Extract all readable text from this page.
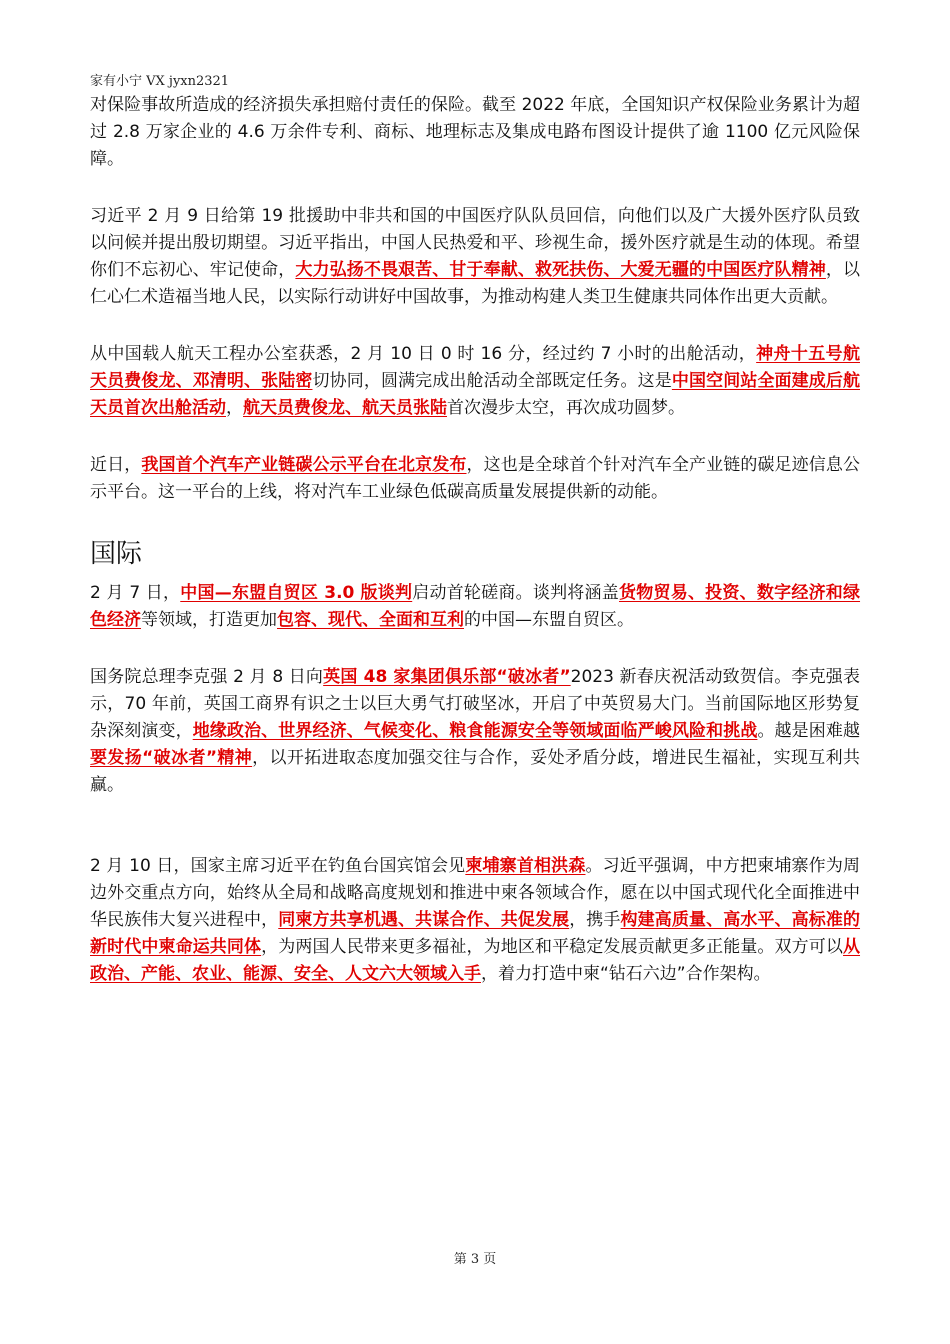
家有小宁 VX jyxn2321

对保险事故所造成的经济损失承担赔付责任的保险。截至 2022 年底，全国知识产权保险业务累计为超过 2.8 万家企业的 4.6 万余件专利、商标、地理标志及集成电路布图设计提供了逾 1100 亿元风险保障。

习近平 2 月 9 日给第 19 批援助中非共和国的中国医疗队队员回信，向他们以及广大援外医疗队员致以问候并提出殷切期望。习近平指出，中国人民热爱和平、珍视生命，援外医疗就是生动的体现。希望你们不忘初心、牢记使命，大力弘扬不畏艰苦、甘于奉献、救死扶伤、大爱无疆的中国医疗队精神，以仁心仁术造福当地人民，以实际行动讲好中国故事，为推动构建人类卫生健康共同体作出更大贡献。

从中国载人航天工程办公室获悉，2 月 10 日 0 时 16 分，经过约 7 小时的出舱活动，神舟十五号航天员费俊龙、邓清明、张陆密切协同，圆满完成出舱活动全部既定任务。这是中国空间站全面建成后航天员首次出舱活动，航天员费俊龙、航天员张陆首次漫步太空，再次成功圆梦。

近日，我国首个汽车产业链碳公示平台在北京发布，这也是全球首个针对汽车全产业链的碳足迹信息公示平台。这一平台的上线，将对汽车工业绿色低碳高质量发展提供新的动能。

国际

2 月 7 日，中国—东盟自贸区 3.0 版谈判启动首轮磋商。谈判将涵盖货物贸易、投资、数字经济和绿色经济等领域，打造更加包容、现代、全面和互利的中国—东盟自贸区。

国务院总理李克强 2 月 8 日向英国 48 家集团俱乐部“破冰者”2023 新春庆祝活动致贺信。李克强表示，70 年前，英国工商界有识之士以巨大勇气打破坚冰，开启了中英贸易大门。当前国际地区形势复杂深刻演变，地缘政治、世界经济、气候变化、粮食能源安全等领域面临严峻风险和挑战。越是困难越要发扬“破冰者”精神，以开拓进取态度加强交往与合作，妥处矛盾分歧，增进民生福祉，实现互利共赢。

2 月 10 日，国家主席习近平在钓鱼台国宾馆会见柬埔寨首相洪森。习近平强调，中方把柬埔寨作为周边外交重点方向，始终从全局和战略高度规划和推进中柬各领域合作，愿在以中国式现代化全面推进中华民族伟大复兴进程中，同柬方共享机遇、共谋合作、共促发展，携手构建高质量、高水平、高标准的新时代中柬命运共同体，为两国人民带来更多福祉，为地区和平稳定发展贡献更多正能量。双方可以从政治、产能、农业、能源、安全、人文六大领域入手，着力打造中柬“钻石六边”合作架构。

第 3 页
